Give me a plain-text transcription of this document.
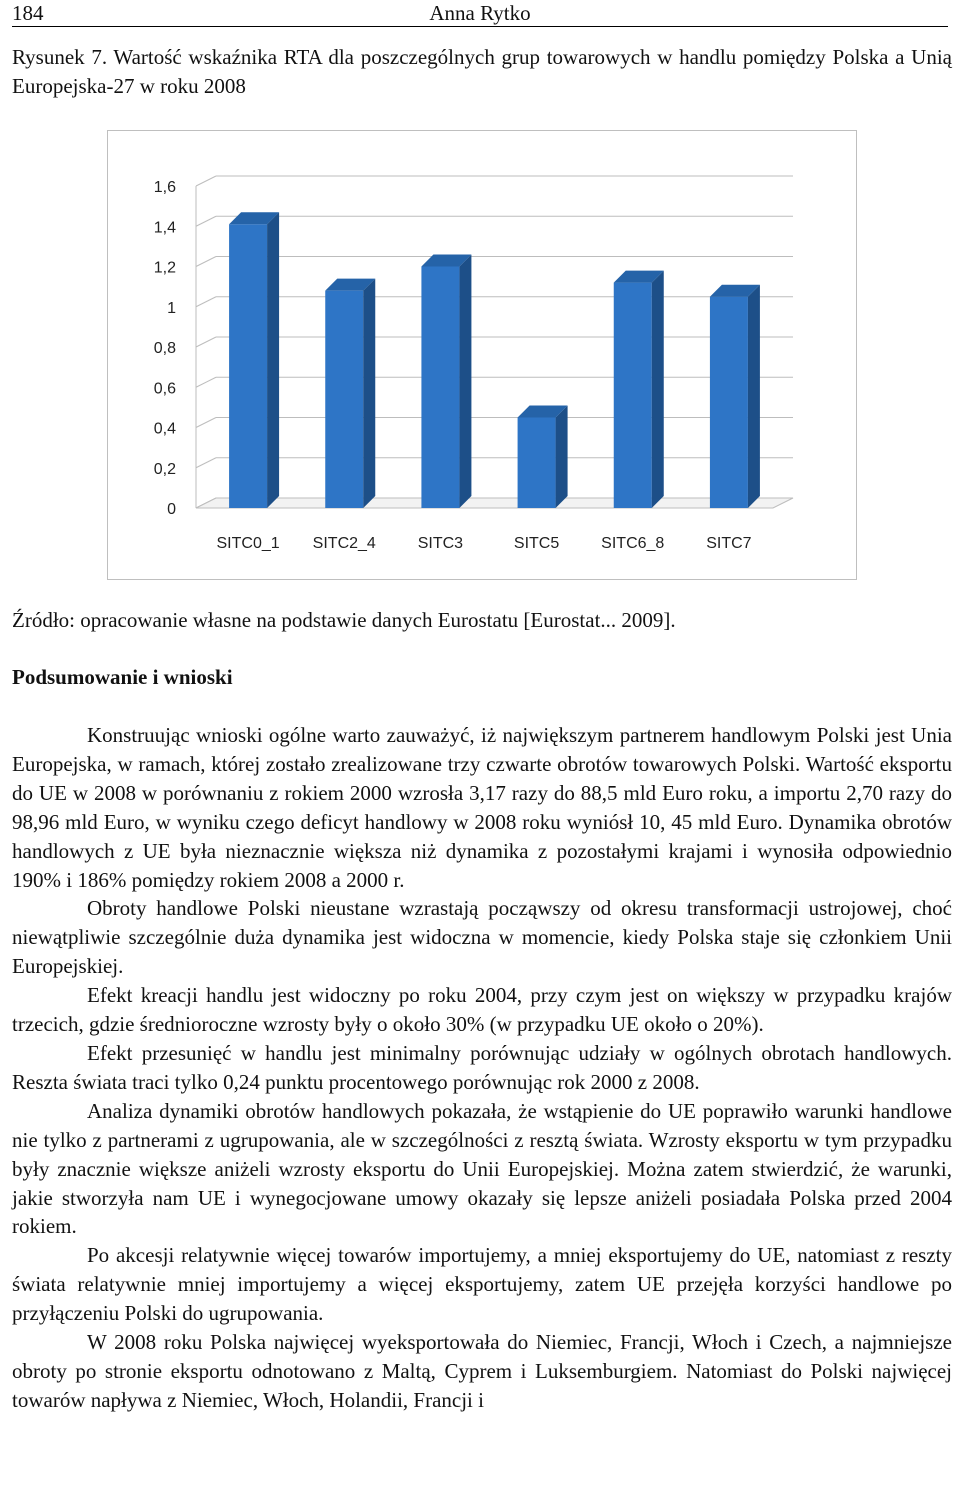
184	Anna Rytko
Rysunek 7. Wartość wskaźnika RTA dla poszczególnych grup towarowych w handlu pomiędzy Polska a Unią Europejska-27 w roku 2008
0
0,2
0,4
0,6
0,8
1
1,2
1,4
1,6
SITC0_1 SITC2_4	SITC3	SITC5	SITC6_8	SITC7
Źródło: opracowanie własne na podstawie danych Eurostatu [Eurostat... 2009].
Podsumowanie i wnioski

Konstruując wnioski ogólne warto zauważyć, iż największym partnerem handlowym Polski jest Unia Europejska, w ramach, której zostało zrealizowane trzy czwarte obrotów towarowych Polski. Wartość eksportu do UE w 2008 w porównaniu z rokiem 2000 wzrosła 3,17 razy do 88,5 mld Euro roku, a importu 2,70 razy do 98,96 mld Euro, w wyniku czego deficyt handlowy w 2008 roku wyniósł 10, 45 mld Euro. Dynamika obrotów handlowych z UE była nieznacznie większa niż dynamika z pozostałymi krajami i wynosiła odpowiednio 190% i 186% pomiędzy rokiem 2008 a 2000 r.

Obroty handlowe Polski nieustane wzrastają począwszy od okresu transformacji ustrojowej, choć niewątpliwie szczególnie duża dynamika jest widoczna w momencie, kiedy Polska staje się członkiem Unii Europejskiej.

Efekt kreacji handlu jest widoczny po roku 2004, przy czym jest on większy w przypadku krajów trzecich, gdzie średnioroczne wzrosty były o około 30% (w przypadku UE około o 20%).

Efekt przesunięć w handlu jest minimalny porównując udziały w ogólnych obrotach handlowych. Reszta świata traci tylko 0,24 punktu procentowego porównując rok 2000 z 2008.

Analiza dynamiki obrotów handlowych pokazała, że wstąpienie do UE poprawiło warunki handlowe nie tylko z partnerami z ugrupowania, ale w szczególności z resztą świata. Wzrosty eksportu w tym przypadku były znacznie większe aniżeli wzrosty eksportu do Unii Europejskiej. Można zatem stwierdzić, że warunki, jakie stworzyła nam UE i wynegocjowane umowy okazały się lepsze aniżeli posiadała Polska przed 2004 rokiem.

Po akcesji relatywnie więcej towarów importujemy, a mniej eksportujemy do UE, natomiast z reszty świata relatywnie mniej importujemy a więcej eksportujemy, zatem UE przejęła korzyści handlowe po przyłączeniu Polski do ugrupowania.

W 2008 roku Polska najwięcej wyeksportowała do Niemiec, Francji, Włoch i Czech, a najmniejsze obroty po stronie eksportu odnotowano z Maltą, Cyprem i Luksemburgiem. Natomiast do Polski najwięcej towarów napływa z Niemiec, Włoch, Holandii, Francji i
